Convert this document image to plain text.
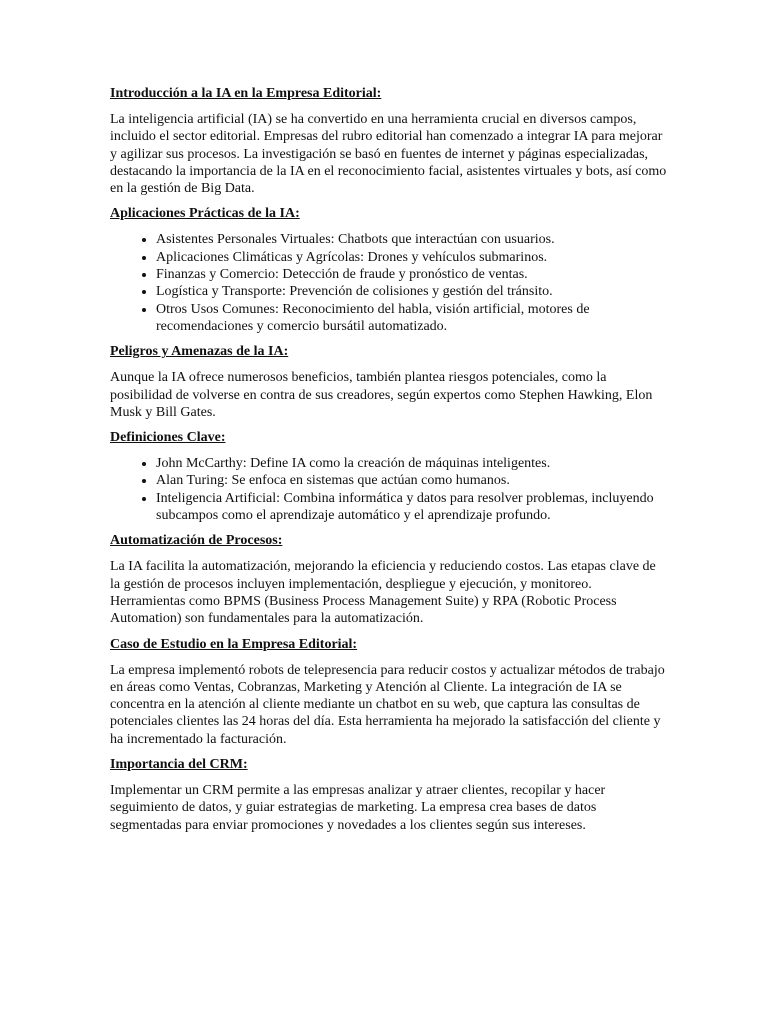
Introducción a la IA en la Empresa Editorial:

La inteligencia artificial (IA) se ha convertido en una herramienta crucial en diversos campos, incluido el sector editorial. Empresas del rubro editorial han comenzado a integrar IA para mejorar y agilizar sus procesos. La investigación se basó en fuentes de internet y páginas especializadas, destacando la importancia de la IA en el reconocimiento facial, asistentes virtuales y bots, así como en la gestión de Big Data.

Aplicaciones Prácticas de la IA:

• Asistentes Personales Virtuales: Chatbots que interactúan con usuarios.
• Aplicaciones Climáticas y Agrícolas: Drones y vehículos submarinos.
• Finanzas y Comercio: Detección de fraude y pronóstico de ventas.
• Logística y Transporte: Prevención de colisiones y gestión del tránsito.
• Otros Usos Comunes: Reconocimiento del habla, visión artificial, motores de recomendaciones y comercio bursátil automatizado.

Peligros y Amenazas de la IA:

Aunque la IA ofrece numerosos beneficios, también plantea riesgos potenciales, como la posibilidad de volverse en contra de sus creadores, según expertos como Stephen Hawking, Elon Musk y Bill Gates.

Definiciones Clave:

• John McCarthy: Define IA como la creación de máquinas inteligentes.
• Alan Turing: Se enfoca en sistemas que actúan como humanos.
• Inteligencia Artificial: Combina informática y datos para resolver problemas, incluyendo subcampos como el aprendizaje automático y el aprendizaje profundo.

Automatización de Procesos:

La IA facilita la automatización, mejorando la eficiencia y reduciendo costos. Las etapas clave de la gestión de procesos incluyen implementación, despliegue y ejecución, y monitoreo. Herramientas como BPMS (Business Process Management Suite) y RPA (Robotic Process Automation) son fundamentales para la automatización.

Caso de Estudio en la Empresa Editorial:

La empresa implementó robots de telepresencia para reducir costos y actualizar métodos de trabajo en áreas como Ventas, Cobranzas, Marketing y Atención al Cliente. La integración de IA se concentra en la atención al cliente mediante un chatbot en su web, que captura las consultas de potenciales clientes las 24 horas del día. Esta herramienta ha mejorado la satisfacción del cliente y ha incrementado la facturación.

Importancia del CRM:

Implementar un CRM permite a las empresas analizar y atraer clientes, recopilar y hacer seguimiento de datos, y guiar estrategias de marketing. La empresa crea bases de datos segmentadas para enviar promociones y novedades a los clientes según sus intereses.
